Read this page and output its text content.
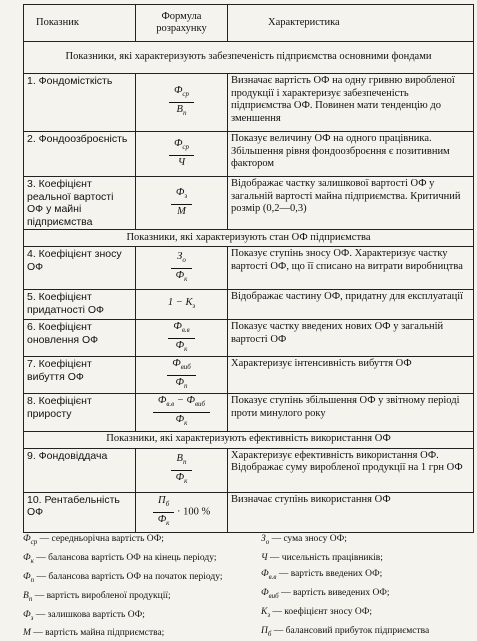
Показник	Формула розрахунку	Характеристика
Показники, які характеризують забезпеченість підприємства основними фондами		
1. Фондомісткість	$\frac{Ф_{ср}}{В_п}$	Визначає вартість ОФ на одну гривню виробленої продукції і характеризує забезпеченість підприємства ОФ. Повинен мати тенденцію до зменшення
2. Фондоозброєність	$\frac{Ф_{ср}}{Ч}$	Показує величину ОФ на одного працівника. Збільшення рівня фондоозброєння є позитивним фактором
3. Коефіцієнт реальної вартості ОФ у майні підприємства	$\frac{Ф_з}{М}$	Відображає частку залишкової вартості ОФ у загальній вартості майна підприємства. Критичний розмір (0,2—0,3)
Показники, які характеризують стан ОФ підприємства		
4. Коефіцієнт зносу ОФ	$\frac{З_о}{Ф_к}$	Показує ступінь зносу ОФ. Характеризує частку вартості ОФ, що її списано на витрати виробництва
5. Коефіцієнт придатності ОФ	$1 - К_з$	Відображає частину ОФ, придатну для експлуатації
6. Коефіцієнт оновлення ОФ	$\frac{Ф_{в.в}}{Ф_к}$	Показує частку введених нових ОФ у загальній вартості ОФ
7. Коефіцієнт вибуття ОФ	$\frac{Ф_{виб}}{Ф_п}$	Характеризує інтенсивність вибуття ОФ
8. Коефіцієнт приросту	$\frac{Ф_{в.в} - Ф_{виб}}{Ф_к}$	Показує ступінь збільшення ОФ у звітному періоді проти минулого року
Показники, які характеризують ефективність використання ОФ		
9. Фондовіддача	$\frac{В_п}{Ф_к}$	Характеризує ефективність використання ОФ. Відображає суму виробленої продукції на 1 грн ОФ
10. Рентабельність ОФ	$\frac{П_б}{Ф_к} \cdot 100$ %	Визначає ступінь використання ОФ
$Ф_{ср}$ — середньорічна вартість ОФ;
$Ф_к$ — балансова вартість ОФ на кінець періоду;
$Ф_п$ — балансова вартість ОФ на початок періоду;
$В_п$ — вартість виробленої продукції;
$Ф_з$ — залишкова вартість ОФ;
М — вартість майна підприємства;
$З_о$ — сума зносу ОФ;
Ч — чисельність працівників;
$Ф_{в.в}$ — вартість введених ОФ;
$Ф_{виб}$ — вартість виведених ОФ;
$К_з$ — коефіцієнт зносу ОФ;
$П_б$ — балансовий прибуток підприємства
